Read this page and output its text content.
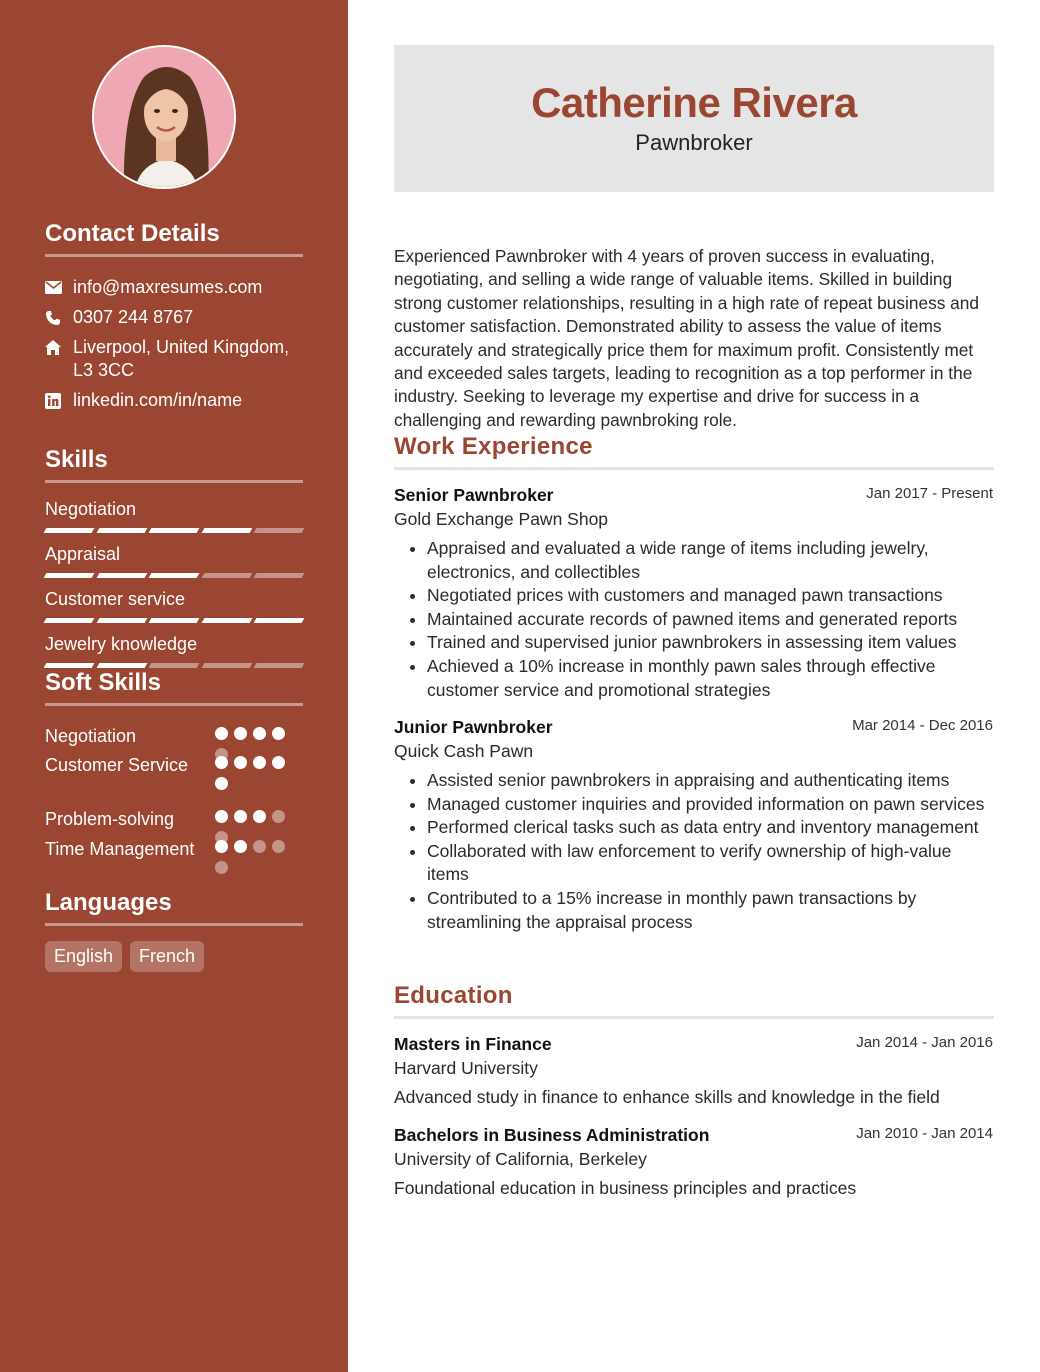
Contact Details
info@maxresumes.com
0307 244 8767
Liverpool, United Kingdom, L3 3CC
linkedin.com/in/name
Skills
Negotiation
Appraisal
Customer service
Jewelry knowledge
Soft Skills
Negotiation
Customer Service
Problem-solving
Time Management
Languages
English	French
Catherine Rivera
Pawnbroker

Experienced Pawnbroker with 4 years of proven success in evaluating, negotiating, and selling a wide range of valuable items. Skilled in building strong customer relationships, resulting in a high rate of repeat business and customer satisfaction. Demonstrated ability to assess the value of items accurately and strategically price them for maximum profit. Consistently met and exceeded sales targets, leading to recognition as a top performer in the industry. Seeking to leverage my expertise and drive for success in a challenging and rewarding pawnbroking role.

Work Experience
Senior Pawnbroker	Jan 2017 - Present
Gold Exchange Pawn Shop
• Appraised and evaluated a wide range of items including jewelry, electronics, and collectibles
• Negotiated prices with customers and managed pawn transactions
• Maintained accurate records of pawned items and generated reports
• Trained and supervised junior pawnbrokers in assessing item values
• Achieved a 10% increase in monthly pawn sales through effective customer service and promotional strategies
Junior Pawnbroker	Mar 2014 - Dec 2016
Quick Cash Pawn
• Assisted senior pawnbrokers in appraising and authenticating items
• Managed customer inquiries and provided information on pawn services
• Performed clerical tasks such as data entry and inventory management
• Collaborated with law enforcement to verify ownership of high-value items
• Contributed to a 15% increase in monthly pawn transactions by streamlining the appraisal process
Education
Masters in Finance	Jan 2014 - Jan 2016
Harvard University
Advanced study in finance to enhance skills and knowledge in the field
Bachelors in Business Administration	Jan 2010 - Jan 2014
University of California, Berkeley
Foundational education in business principles and practices
